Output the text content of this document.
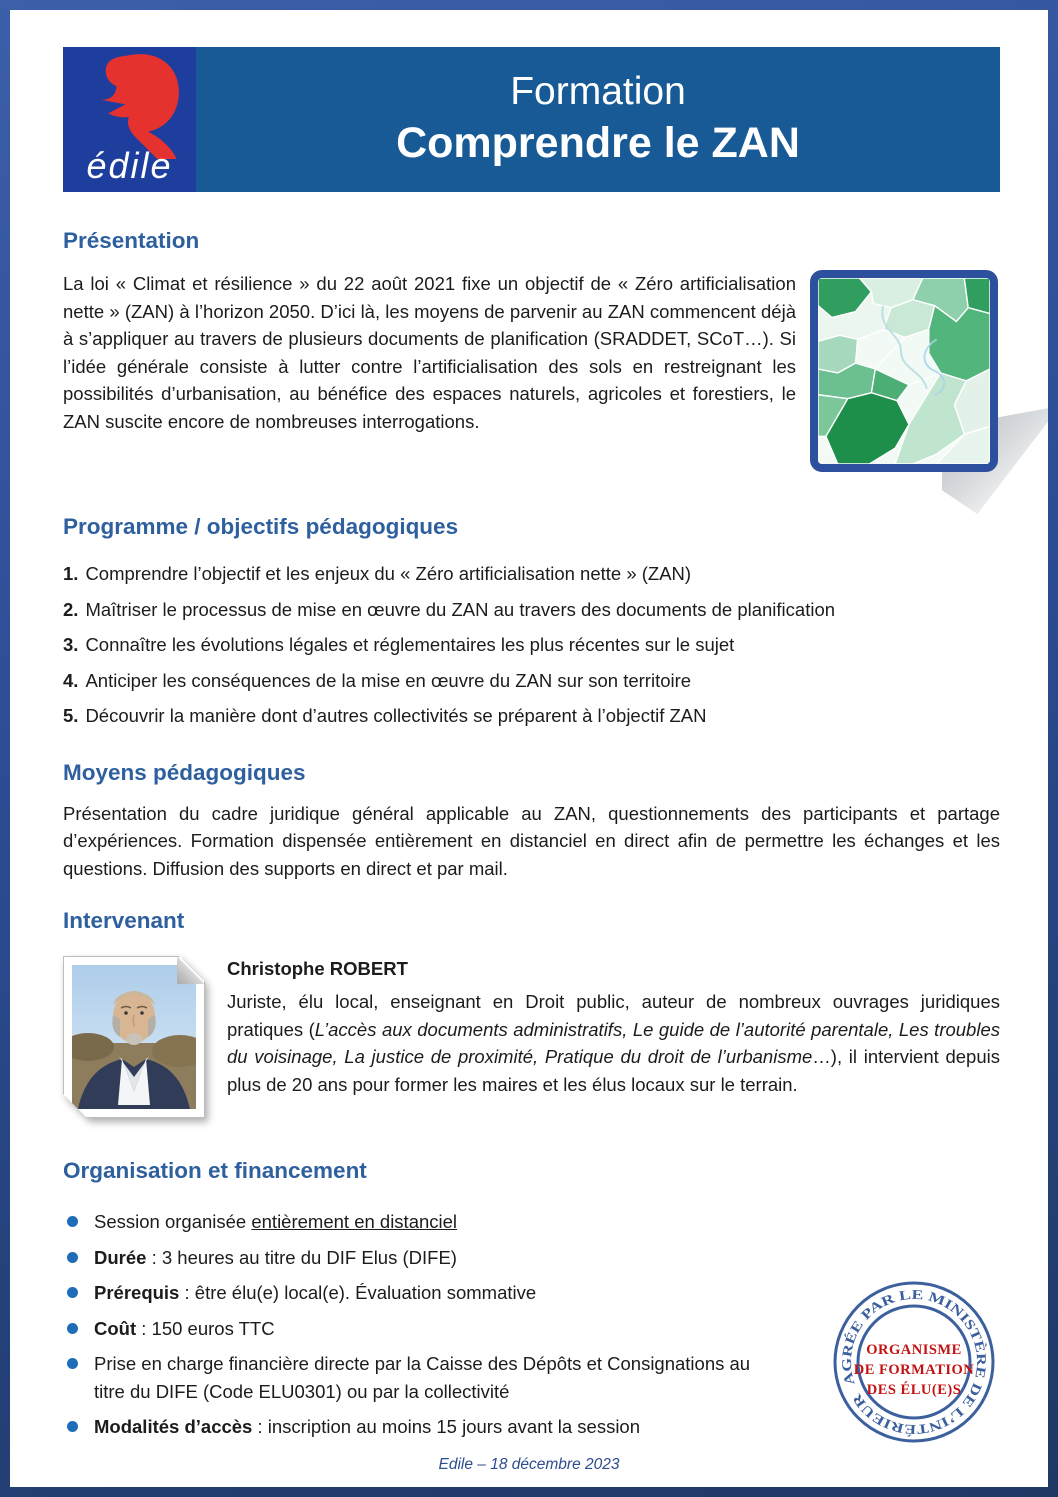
édile
Formation
Comprendre le ZAN
Présentation

La loi « Climat et résilience » du 22 août 2021 fixe un objectif de « Zéro artificialisation nette » (ZAN) à l’horizon 2050. D’ici là, les moyens de parvenir au ZAN commencent déjà à s’appliquer au travers de plusieurs documents de planification (SRADDET, SCoT…). Si l’idée générale consiste à lutter contre l’artificialisation des sols en restreignant les possibilités d’urbanisation, au bénéfice des espaces naturels, agricoles et forestiers, le ZAN suscite encore de nombreuses interrogations.

Programme / objectifs pédagogiques
1. Comprendre l’objectif et les enjeux du « Zéro artificialisation nette » (ZAN)
2. Maîtriser le processus de mise en œuvre du ZAN au travers des documents de planification
3. Connaître les évolutions légales et réglementaires les plus récentes sur le sujet
4. Anticiper les conséquences de la mise en œuvre du ZAN sur son territoire
5. Découvrir la manière dont d’autres collectivités se préparent à l’objectif ZAN
Moyens pédagogiques

Présentation du cadre juridique général applicable au ZAN, questionnements des participants et partage d’expériences. Formation dispensée entièrement en distanciel en direct afin de permettre les échanges et les questions. Diffusion des supports en direct et par mail.

Intervenant
Christophe ROBERT

Juriste, élu local, enseignant en Droit public, auteur de nombreux ouvrages juridiques pratiques (L’accès aux documents administratifs, Le guide de l’autorité parentale, Les troubles du voisinage, La justice de proximité, Pratique du droit de l’urbanisme…), il intervient depuis plus de 20 ans pour former les maires et les élus locaux sur le terrain.

Organisation et financement
Session organisée entièrement en distanciel
Durée : 3 heures au titre du DIF Elus (DIFE)
Prérequis : être élu(e) local(e). Évaluation sommative
Coût : 150 euros TTC
Prise en charge financière directe par la Caisse des Dépôts et Consignations au titre du DIFE (Code ELU0301) ou par la collectivité
Modalités d’accès : inscription au moins 15 jours avant la session
Edile – 18 décembre 2023
AGRÉE PAR LE MINISTÈRE DE L’INTÉRIEUR
ORGANISME
DE FORMATION
DES ÉLU(E)S
